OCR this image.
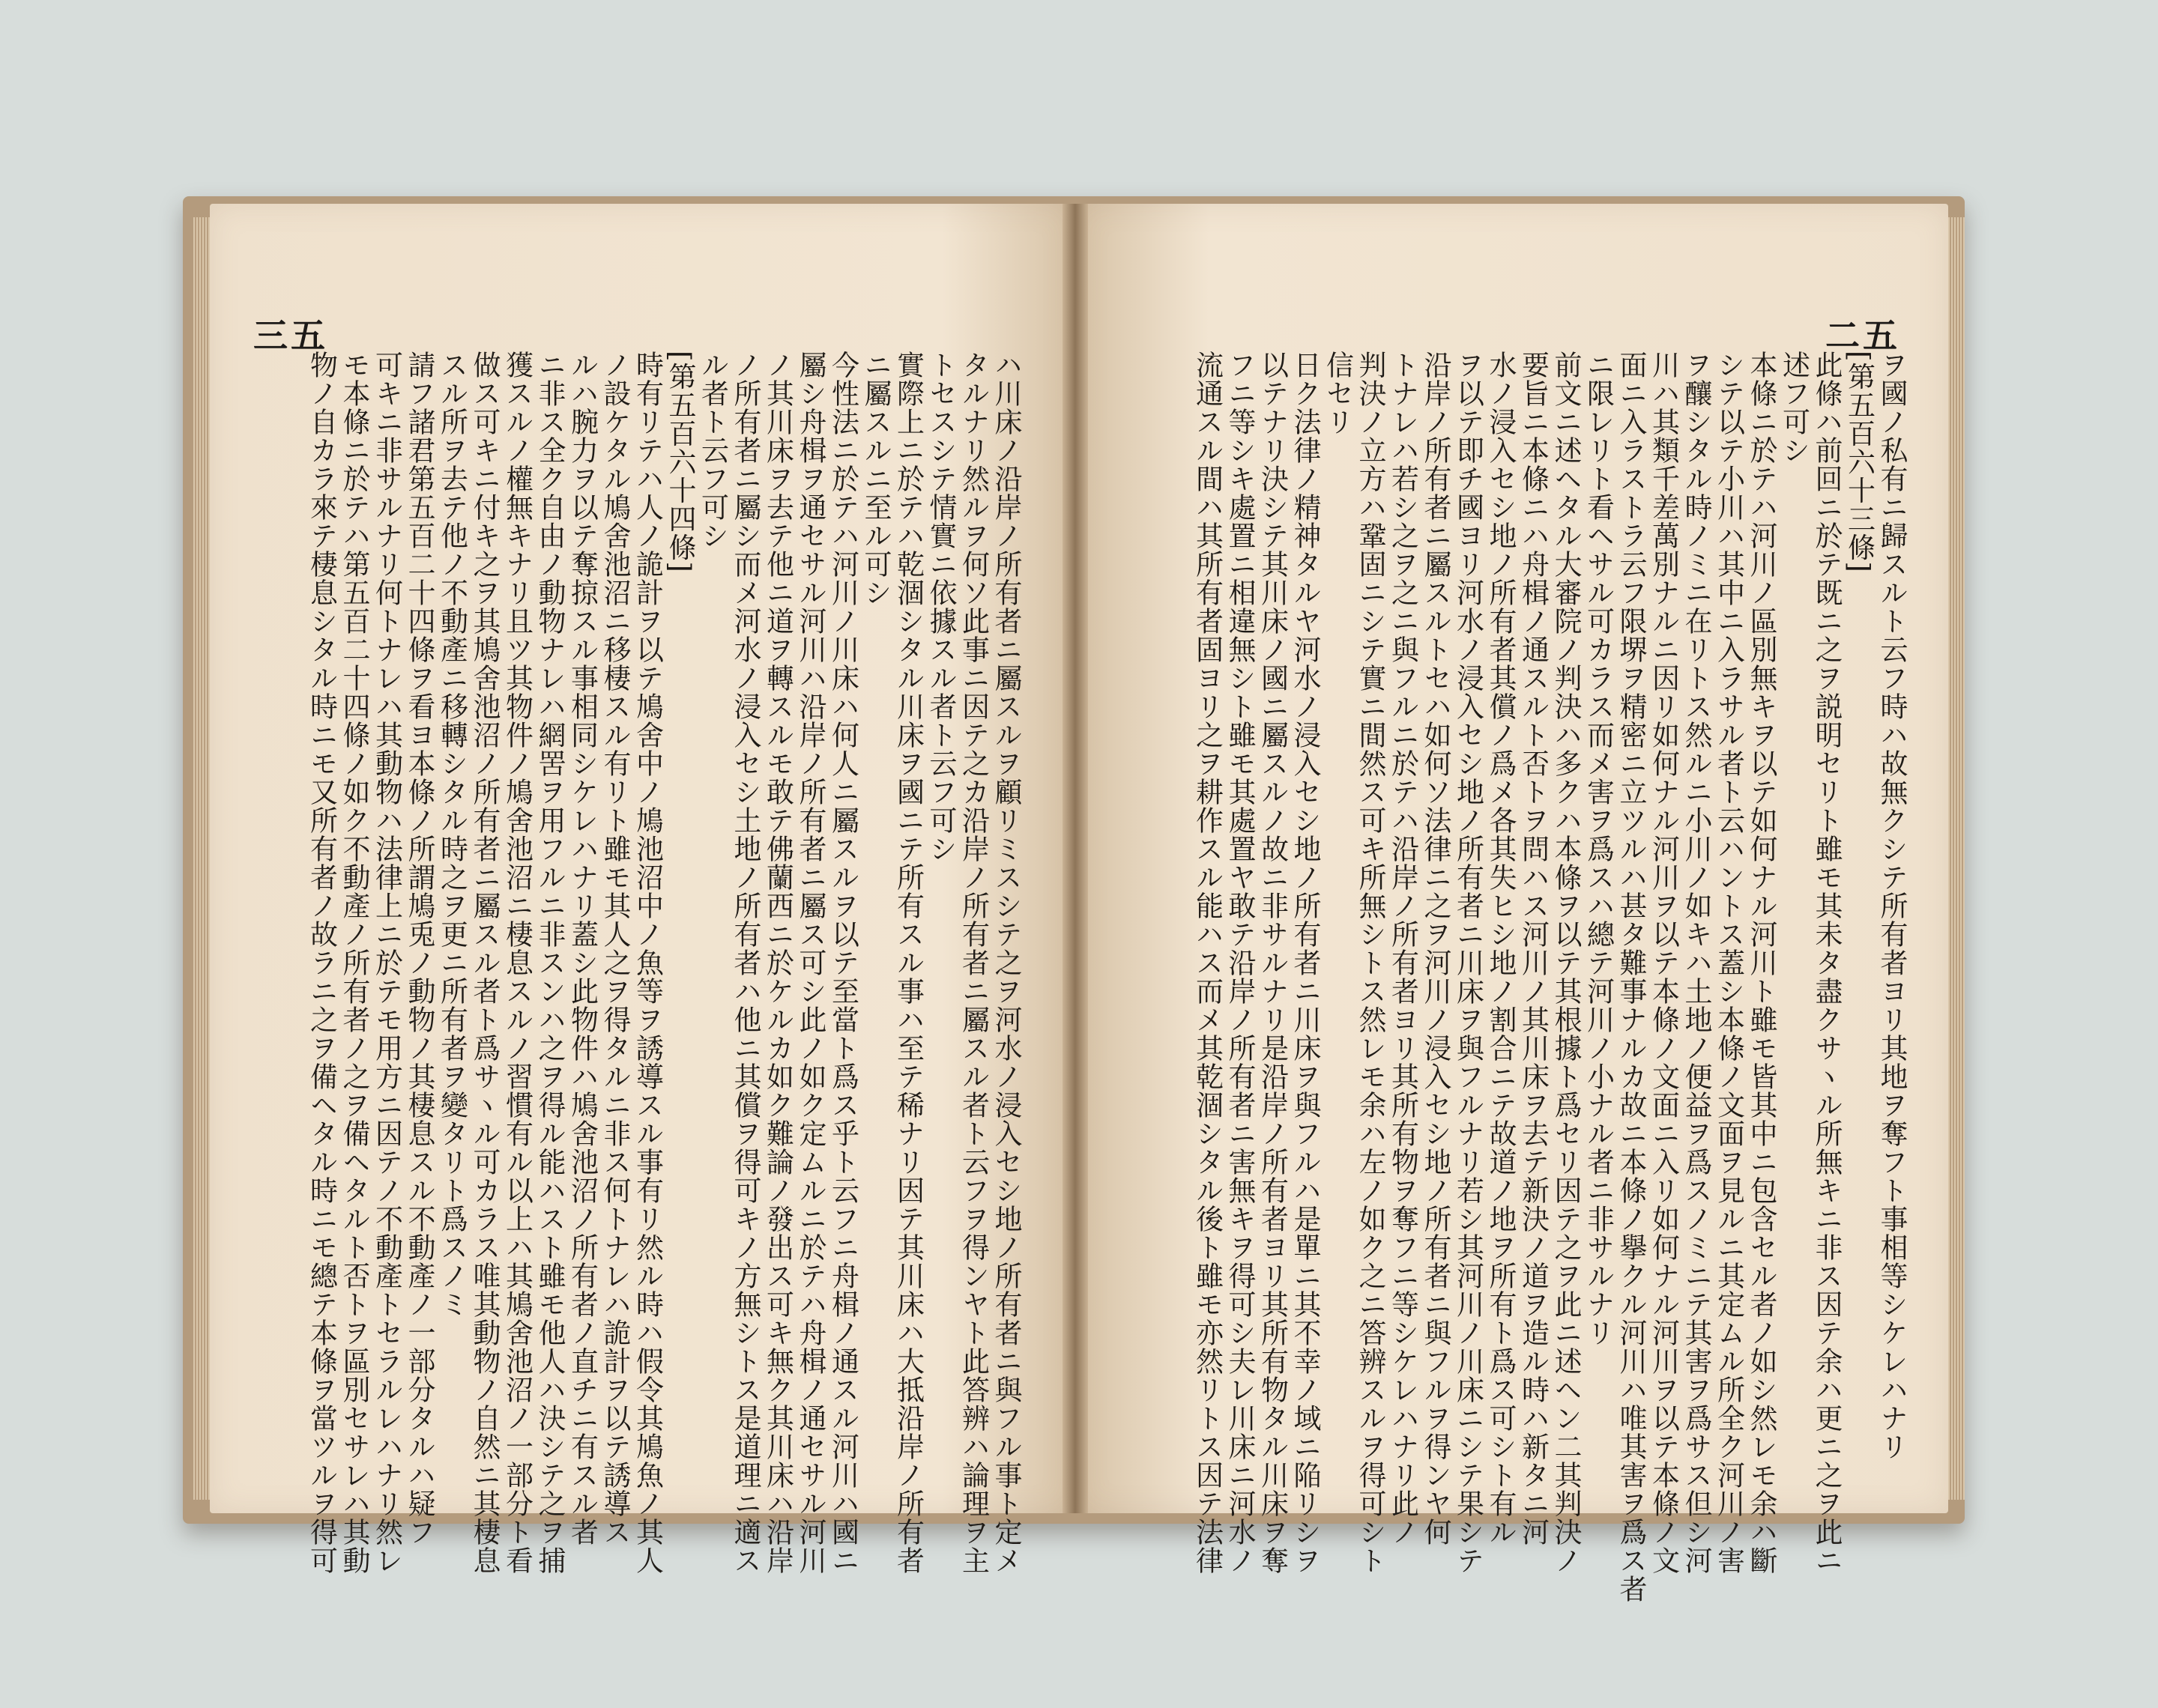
三五	二五
ヲ國ノ私有ニ歸スルト云フ時ハ故無クシテ所有者ヨリ其地ヲ奪フト事相等シケレハナリ
[第五百六十三條]
此條ハ前回ニ於テ既ニ之ヲ説明セリト雖モ其未タ盡クサヽル所無キニ非ス因テ余ハ更ニ之ヲ此ニ
述フ可シ
本條ニ於テハ河川ノ區別無キヲ以テ如何ナル河川ト雖モ皆其中ニ包含セル者ノ如シ然レモ余ハ斷
シテ以テ小川ハ其中ニ入ラサル者ト云ハントス蓋シ本條ノ文面ヲ見ルニ其定ムル所全ク河川ノ害
ヲ釀シタル時ノミニ在リトス然ルニ小川ノ如キハ土地ノ便益ヲ爲スノミニテ其害ヲ爲サス但シ河
川ハ其類千差萬別ナルニ因リ如何ナル河川ヲ以テ本條ノ文面ニ入リ如何ナル河川ヲ以テ本條ノ文
面ニ入ラストラ云フ限堺ヲ精密ニ立ツルハ甚タ難事ナルカ故ニ本條ノ擧クル河川ハ唯其害ヲ爲ス者
ニ限レリト看ヘサル可カラス而メ害ヲ爲スハ總テ河川ノ小ナル者ニ非サルナリ
前文ニ述ヘタル大審院ノ判決ハ多クハ本條ヲ以テ其根據ト爲セリ因テ之ヲ此ニ述ヘン二其判決ノ
要旨ニ本條ニハ舟楫ノ通スルト否トヲ問ハス河川ノ其川床ヲ去テ新決ノ道ヲ造ル時ハ新タニ河
水ノ浸入セシ地ノ所有者其償ノ爲メ各其失ヒシ地ノ割合ニテ故道ノ地ヲ所有ト爲ス可シト有ル
ヲ以テ即チ國ヨリ河水ノ浸入セシ地ノ所有者ニ川床ヲ與フルナリ若シ其河川ノ川床ニシテ果シテ
沿岸ノ所有者ニ屬スルトセハ如何ソ法律ニ之ヲ河川ノ浸入セシ地ノ所有者ニ與フルヲ得ンヤ何
トナレハ若シ之ヲ之ニ與フルニ於テハ沿岸ノ所有者ヨリ其所有物ヲ奪フニ等シケレハナリ此ノ
判決ノ立方ハ鞏固ニシテ實ニ間然ス可キ所無シトス然レモ余ハ左ノ如ク之ニ答辨スルヲ得可シト
信セリ
日ク法律ノ精神タルヤ河水ノ浸入セシ地ノ所有者ニ川床ヲ與フルハ是單ニ其不幸ノ域ニ陥リシヲ
以テナリ決シテ其川床ノ國ニ屬スルノ故ニ非サルナリ是沿岸ノ所有者ヨリ其所有物タル川床ヲ奪
フニ等シキ處置ニ相違無シト雖モ其處置ヤ敢テ沿岸ノ所有者ニ害無キヲ得可シ夫レ川床ニ河水ノ
流通スル間ハ其所有者固ヨリ之ヲ耕作スル能ハス而メ其乾涸シタル後ト雖モ亦然リトス因テ法律
ハ川床ノ沿岸ノ所有者ニ屬スルヲ顧リミスシテ之ヲ河水ノ浸入セシ地ノ所有者ニ與フル事ト定メ
タルナリ然ルヲ何ソ此事ニ因テ之カ沿岸ノ所有者ニ屬スル者ト云フヲ得ンヤト此答辨ハ論理ヲ主
トセスシテ情實ニ依據スル者ト云フ可シ
實際上ニ於テハ乾涸シタル川床ヲ國ニテ所有スル事ハ至テ稀ナリ因テ其川床ハ大抵沿岸ノ所有者
ニ屬スルニ至ル可シ
今性法ニ於テハ河川ノ川床ハ何人ニ屬スルヲ以テ至當ト爲ス乎ト云フニ舟楫ノ通スル河川ハ國ニ
屬シ舟楫ヲ通セサル河川ハ沿岸ノ所有者ニ屬ス可シ此ノ如ク定ムルニ於テハ舟楫ノ通セサル河川
ノ其川床ヲ去テ他ニ道ヲ轉スルモ敢テ佛蘭西ニ於ケルカ如ク難論ノ發出ス可キ無ク其川床ハ沿岸
ノ所有者ニ屬シ而メ河水ノ浸入セシ土地ノ所有者ハ他ニ其償ヲ得可キノ方無シトス是道理ニ適ス
ル者ト云フ可シ
[第五百六十四條]
時有リテハ人ノ詭計ヲ以テ鳩舍中ノ鳩池沼中ノ魚等ヲ誘導スル事有リ然ル時ハ假令其鳩魚ノ其人
ノ設ケタル鳩舍池沼ニ移棲スル有リト雖モ其人之ヲ得タルニ非ス何トナレハ詭計ヲ以テ誘導ス
ルハ腕力ヲ以テ奪掠スル事相同シケレハナリ蓋シ此物件ハ鳩舍池沼ノ所有者ノ直チニ有スル者
ニ非ス全ク自由ノ動物ナレハ網罟ヲ用フルニ非スンハ之ヲ得ル能ハスト雖モ他人ハ決シテ之ヲ捕
獲スルノ權無キナリ且ツ其物件ノ鳩舍池沼ニ棲息スルノ習慣有ル以上ハ其鳩舍池沼ノ一部分ト看
做ス可キニ付キ之ヲ其鳩舍池沼ノ所有者ニ屬スル者ト爲サヽル可カラス唯其動物ノ自然ニ其棲息
スル所ヲ去テ他ノ不動產ニ移轉シタル時之ヲ更ニ所有者ヲ變タリト爲スノミ
請フ諸君第五百二十四條ヲ看ヨ本條ノ所謂鳩兎ノ動物ノ其棲息スル不動產ノ一部分タルハ疑フ
可キニ非サルナリ何トナレハ其動物ハ法律上ニ於テモ用方ニ因テノ不動產トセラルレハナリ然レ
モ本條ニ於テハ第五百二十四條ノ如ク不動產ノ所有者ノ之ヲ備ヘタルト否トヲ區別セサレハ其動
物ノ自カラ來テ棲息シタル時ニモ又所有者ノ故ラニ之ヲ備ヘタル時ニモ總テ本條ヲ當ツルヲ得可
